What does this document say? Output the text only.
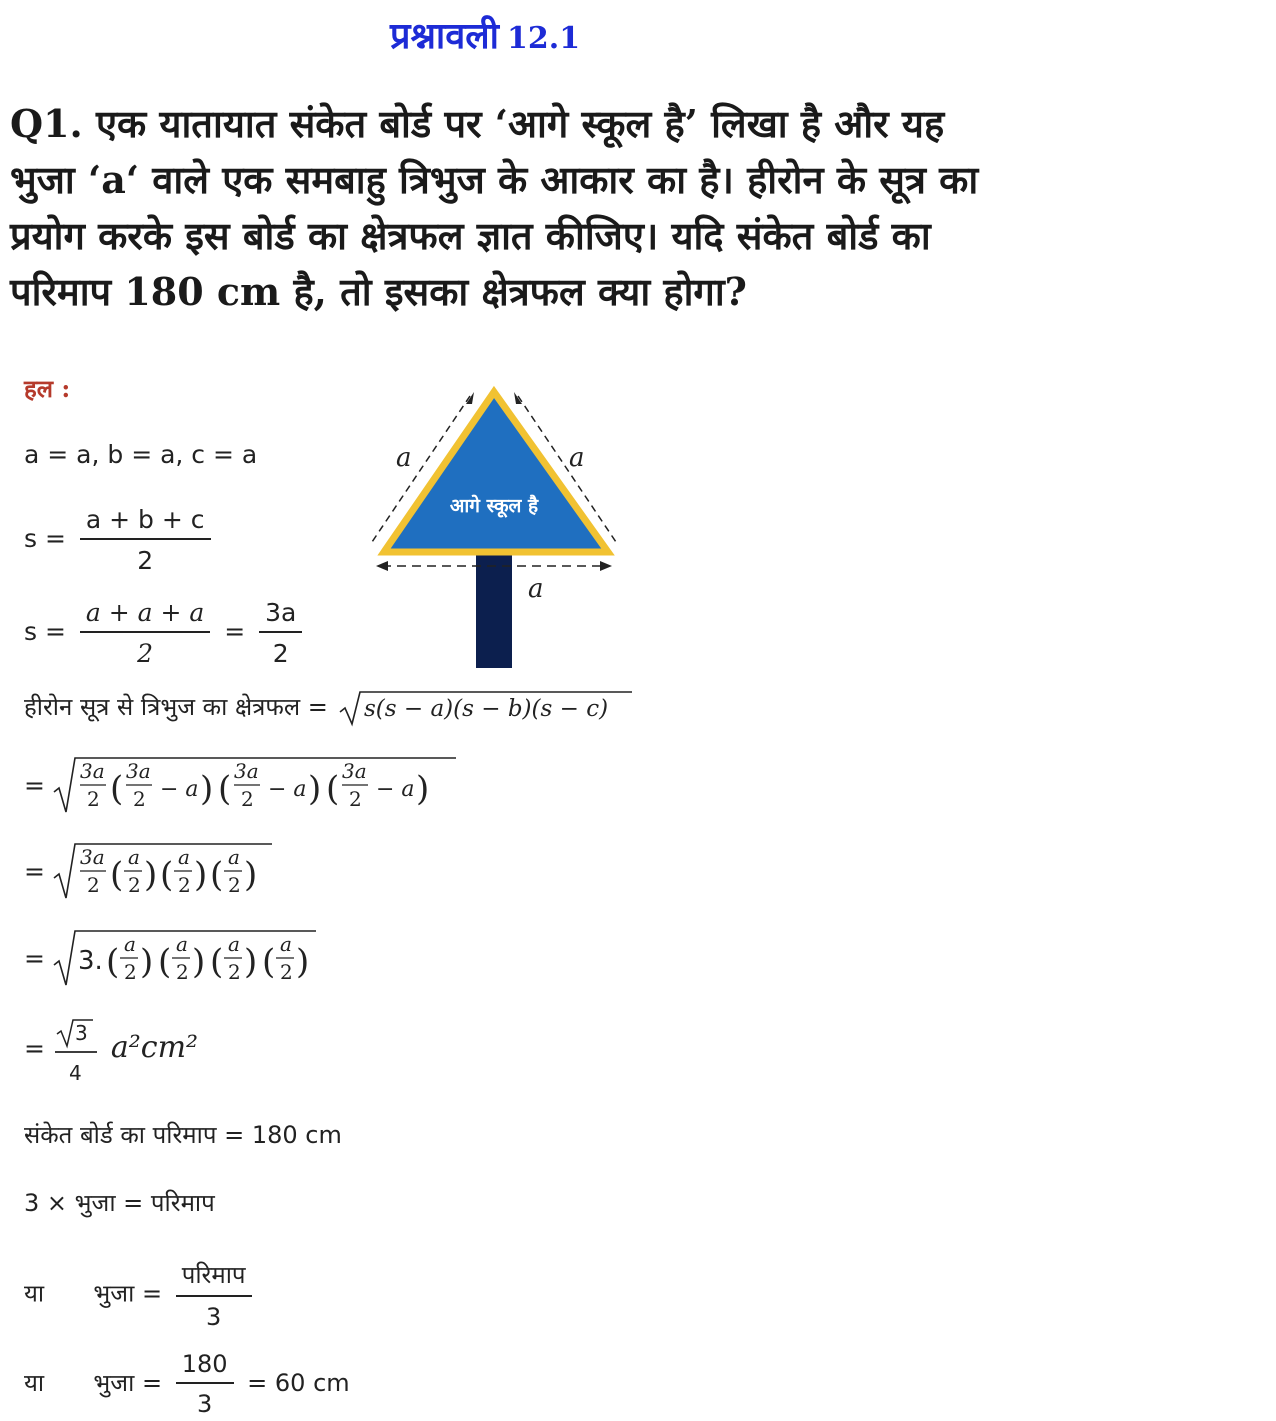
प्रश्नावली 12.1
Q1. एक यातायात संकेत बोर्ड पर ‘आगे स्कूल है’ लिखा है और यह भुजा ‘a‘ वाले एक समबाहु त्रिभुज के आकार का है। हीरोन के सूत्र का प्रयोग करके इस बोर्ड का क्षेत्रफल ज्ञात कीजिए। यदि संकेत बोर्ड का परिमाप 180 cm है, तो इसका क्षेत्रफल क्या होगा?
हल :
a = a, b = a, c = a
$s = \frac{a + b + c}{2}$
$s = \frac{a + a + a}{2} = \frac{3a}{2}$
आगे स्कूल है
a	a
a
हीरोन सूत्र से त्रिभुज का क्षेत्रफल = s(s − a)(s − b)(s − c)
= 3a
2 ( 3a
2 − a ) ( 3a
2 − a ) ( 3a
2 − a )
= 3a
2 ( a
2 ) ( a
2 ) ( a
2 )
= 3. ( a
2 ) ( a
2 ) ( a
2 ) ( a
2 )
=
3
4
a²cm²
संकेत बोर्ड का परिमाप = 180 cm
3 × भुजा = परिमाप
या भुजा = $\frac{\text{परिमाप}}{3}$
या भुजा = $\frac{180}{3} = 60$ cm
